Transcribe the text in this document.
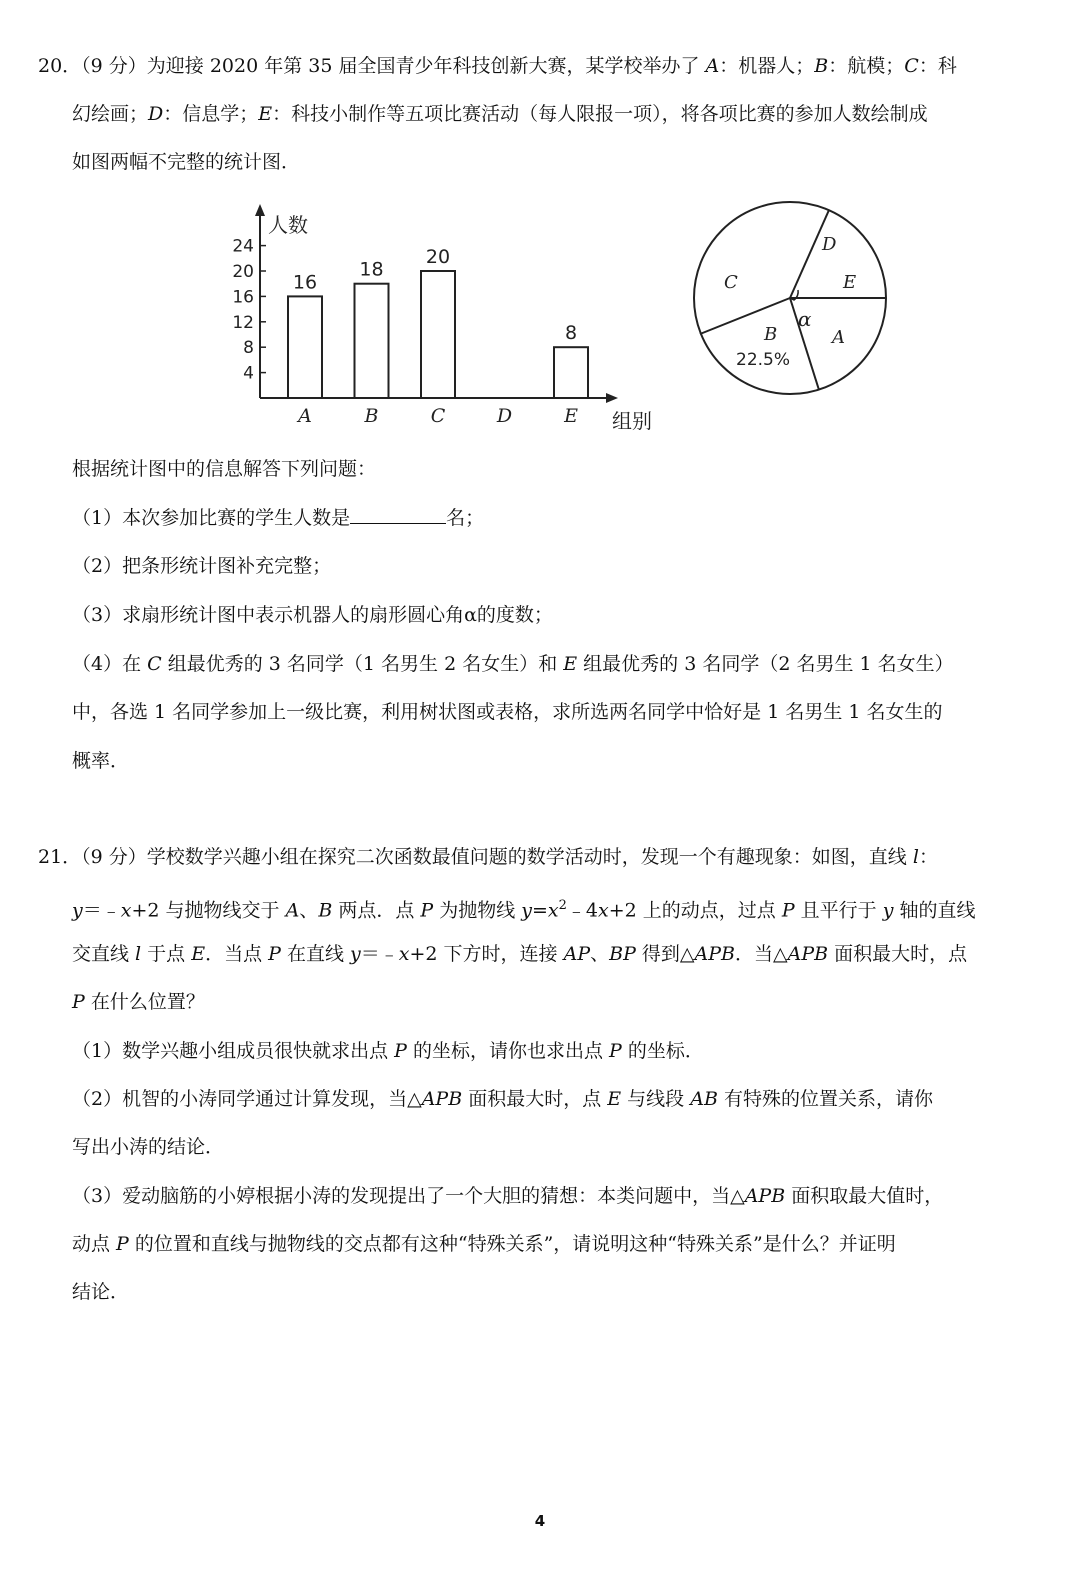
20．（9 分）为迎接 2020 年第 35 届全国青少年科技创新大赛，某学校举办了 A：机器人；B：航模；C：科
幻绘画；D：信息学；E：科技小制作等五项比赛活动（每人限报一项），将各项比赛的参加人数绘制成
如图两幅不完整的统计图．
人数
组别
4
8
12
16
20
24
16
A
18
B
20
C	D
8
E
α
D
E
C
B
22.5%
A
根据统计图中的信息解答下列问题：
（1）本次参加比赛的学生人数是	名；
（2）把条形统计图补充完整；
（3）求扇形统计图中表示机器人的扇形圆心角α的度数；
（4）在 C 组最优秀的 3 名同学（1 名男生 2 名女生）和 E 组最优秀的 3 名同学（2 名男生 1 名女生）
中，各选 1 名同学参加上一级比赛，利用树状图或表格，求所选两名同学中恰好是 1 名男生 1 名女生的
概率．
21．（9 分）学校数学兴趣小组在探究二次函数最值问题的数学活动时，发现一个有趣现象：如图，直线 l：
y＝﹣x+2 与抛物线交于 A、B 两点．点 P 为抛物线 $y=x^2﹣4x+2$ 上的动点，过点 P 且平行于 y 轴的直线
交直线 l 于点 E．当点 P 在直线 y＝﹣x+2 下方时，连接 AP、BP 得到△APB．当△APB 面积最大时，点
P 在什么位置？
（1）数学兴趣小组成员很快就求出点 P 的坐标，请你也求出点 P 的坐标．
（2）机智的小涛同学通过计算发现，当△APB 面积最大时，点 E 与线段 AB 有特殊的位置关系，请你
写出小涛的结论．
（3）爱动脑筋的小婷根据小涛的发现提出了一个大胆的猜想：本类问题中，当△APB 面积取最大值时，
动点 P 的位置和直线与抛物线的交点都有这种“特殊关系”，请说明这种“特殊关系”是什么？并证明
结论．
4
